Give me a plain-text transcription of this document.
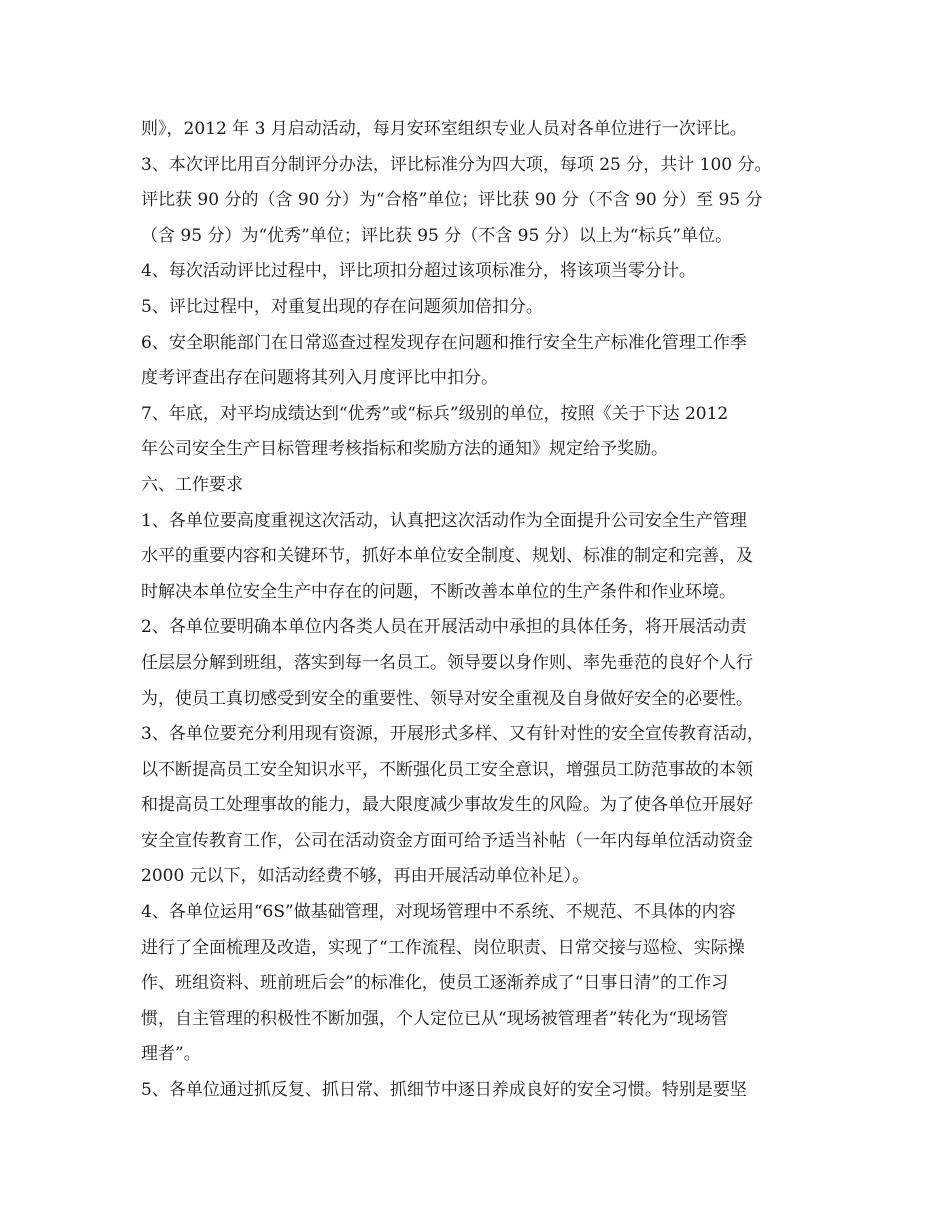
则》，2012 年 3 月启动活动，每月安环室组织专业人员对各单位进行一次评比。
3、本次评比用百分制评分办法，评比标准分为四大项，每项 25 分，共计 100 分。
评比获 90 分的（含 90 分）为“合格”单位；评比获 90 分（不含 90 分）至 95 分
（含 95 分）为“优秀”单位；评比获 95 分（不含 95 分）以上为“标兵”单位。
4、每次活动评比过程中，评比项扣分超过该项标准分，将该项当零分计。
5、评比过程中，对重复出现的存在问题须加倍扣分。
6、安全职能部门在日常巡查过程发现存在问题和推行安全生产标准化管理工作季
度考评查出存在问题将其列入月度评比中扣分。
7、年底，对平均成绩达到“优秀”或“标兵”级别的单位，按照《关于下达 2012
年公司安全生产目标管理考核指标和奖励方法的通知》规定给予奖励。
六、工作要求
1、各单位要高度重视这次活动，认真把这次活动作为全面提升公司安全生产管理
水平的重要内容和关键环节，抓好本单位安全制度、规划、标准的制定和完善，及
时解决本单位安全生产中存在的问题，不断改善本单位的生产条件和作业环境。
2、各单位要明确本单位内各类人员在开展活动中承担的具体任务，将开展活动责
任层层分解到班组，落实到每一名员工。领导要以身作则、率先垂范的良好个人行
为，使员工真切感受到安全的重要性、领导对安全重视及自身做好安全的必要性。
3、各单位要充分利用现有资源，开展形式多样、又有针对性的安全宣传教育活动，
以不断提高员工安全知识水平，不断强化员工安全意识，增强员工防范事故的本领
和提高员工处理事故的能力，最大限度减少事故发生的风险。为了使各单位开展好
安全宣传教育工作，公司在活动资金方面可给予适当补帖（一年内每单位活动资金
2000 元以下，如活动经费不够，再由开展活动单位补足）。
4、各单位运用“6S”做基础管理，对现场管理中不系统、不规范、不具体的内容
进行了全面梳理及改造，实现了“工作流程、岗位职责、日常交接与巡检、实际操
作、班组资料、班前班后会”的标准化，使员工逐渐养成了“日事日清”的工作习
惯，自主管理的积极性不断加强，个人定位已从“现场被管理者”转化为“现场管
理者”。
5、各单位通过抓反复、抓日常、抓细节中逐日养成良好的安全习惯。特别是要坚
